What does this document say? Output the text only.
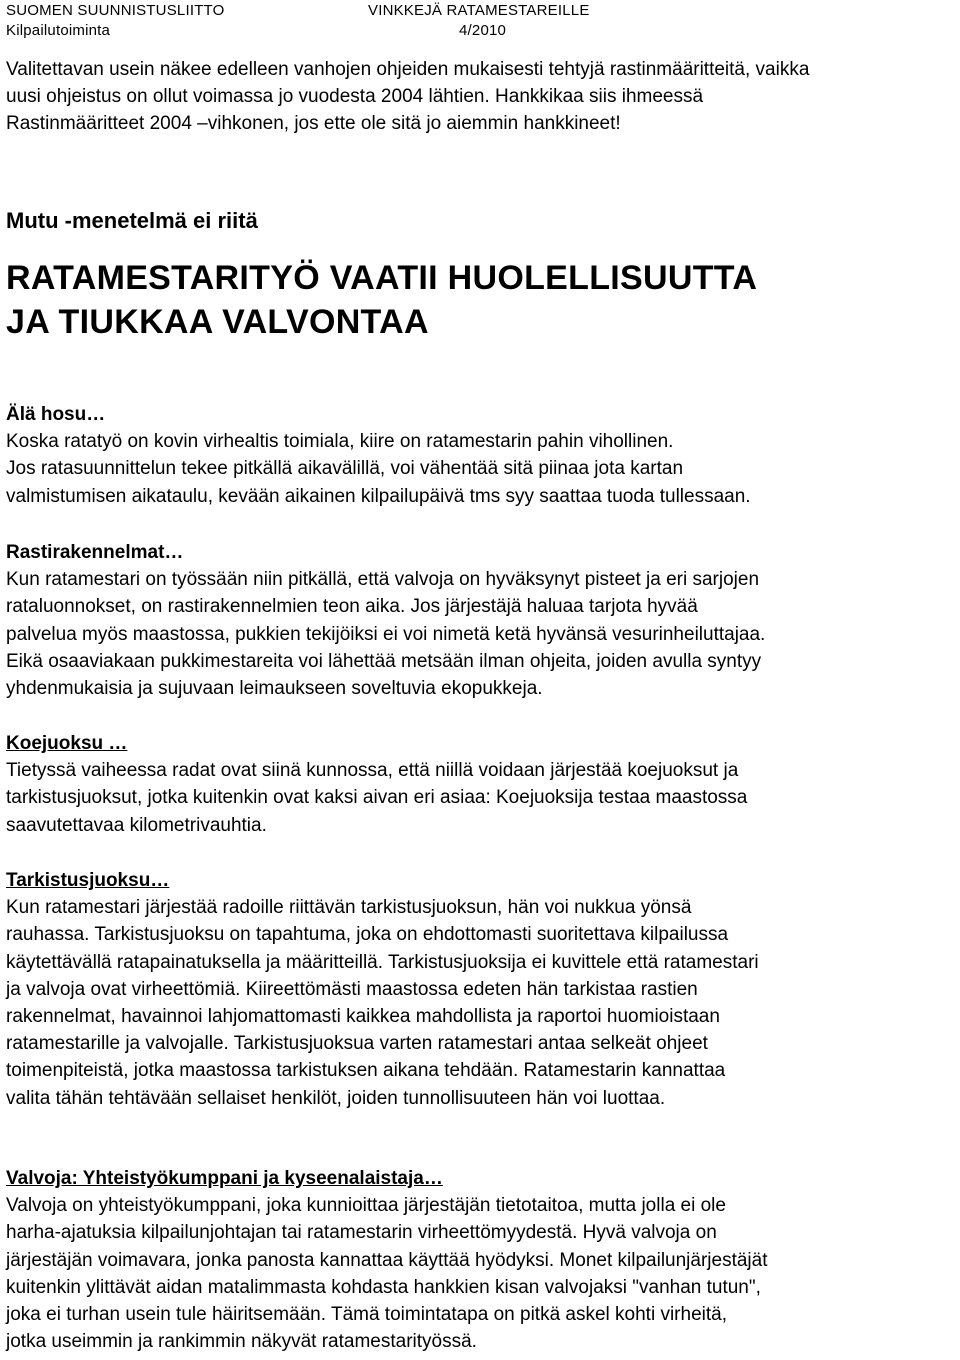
SUOMEN SUUNNISTUSLIITTO
Kilpailutoiminta
VINKKEJÄ RATAMESTAREILLE
4/2010
Valitettavan usein näkee edelleen vanhojen ohjeiden mukaisesti tehtyjä rastinmääritteitä, vaikka
uusi ohjeistus on ollut voimassa jo vuodesta 2004 lähtien. Hankkikaa siis ihmeessä
Rastinmääritteet 2004 –vihkonen, jos ette ole sitä jo aiemmin hankkineet!
Mutu -menetelmä ei riitä
RATAMESTARITYÖ VAATII HUOLELLISUUTTA
JA TIUKKAA VALVONTAA
Älä hosu…
Koska ratatyö on kovin virhealtis toimiala, kiire on ratamestarin pahin vihollinen.
Jos ratasuunnittelun tekee pitkällä aikavälillä, voi vähentää sitä piinaa jota kartan
valmistumisen aikataulu, kevään aikainen kilpailupäivä tms syy saattaa tuoda tullessaan.
Rastirakennelmat…
Kun ratamestari on työssään niin pitkällä, että valvoja on hyväksynyt pisteet ja eri sarjojen
rataluonnokset, on rastirakennelmien teon aika. Jos järjestäjä haluaa tarjota hyvää
palvelua myös maastossa, pukkien tekijöiksi ei voi nimetä ketä hyvänsä vesurinheiluttajaa.
Eikä osaaviakaan pukkimestareita voi lähettää metsään ilman ohjeita, joiden avulla syntyy
yhdenmukaisia ja sujuvaan leimaukseen soveltuvia ekopukkeja.
Koejuoksu …
Tietyssä vaiheessa radat ovat siinä kunnossa, että niillä voidaan järjestää koejuoksut ja
tarkistusjuoksut, jotka kuitenkin ovat kaksi aivan eri asiaa: Koejuoksija testaa maastossa
saavutettavaa kilometrivauhtia.
Tarkistusjuoksu…
Kun ratamestari järjestää radoille riittävän tarkistusjuoksun, hän voi nukkua yönsä
rauhassa. Tarkistusjuoksu on tapahtuma, joka on ehdottomasti suoritettava kilpailussa
käytettävällä ratapainatuksella ja määritteillä. Tarkistusjuoksija ei kuvittele että ratamestari
ja valvoja ovat virheettömiä. Kiireettömästi maastossa edeten hän tarkistaa rastien
rakennelmat, havainnoi lahjomattomasti kaikkea mahdollista ja raportoi huomioistaan
ratamestarille ja valvojalle. Tarkistusjuoksua varten ratamestari antaa selkeät ohjeet
toimenpiteistä, jotka maastossa tarkistuksen aikana tehdään. Ratamestarin kannattaa
valita tähän tehtävään sellaiset henkilöt, joiden tunnollisuuteen hän voi luottaa.
Valvoja: Yhteistyökumppani ja kyseenalaistaja…
Valvoja on yhteistyökumppani, joka kunnioittaa järjestäjän tietotaitoa, mutta jolla ei ole
harha-ajatuksia kilpailunjohtajan tai ratamestarin virheettömyydestä. Hyvä valvoja on
järjestäjän voimavara, jonka panosta kannattaa käyttää hyödyksi. Monet kilpailunjärjestäjät
kuitenkin ylittävät aidan matalimmasta kohdasta hankkien kisan valvojaksi "vanhan tutun",
joka ei turhan usein tule häiritsemään. Tämä toimintatapa on pitkä askel kohti virheitä,
jotka useimmin ja rankimmin näkyvät ratamestarityössä.
